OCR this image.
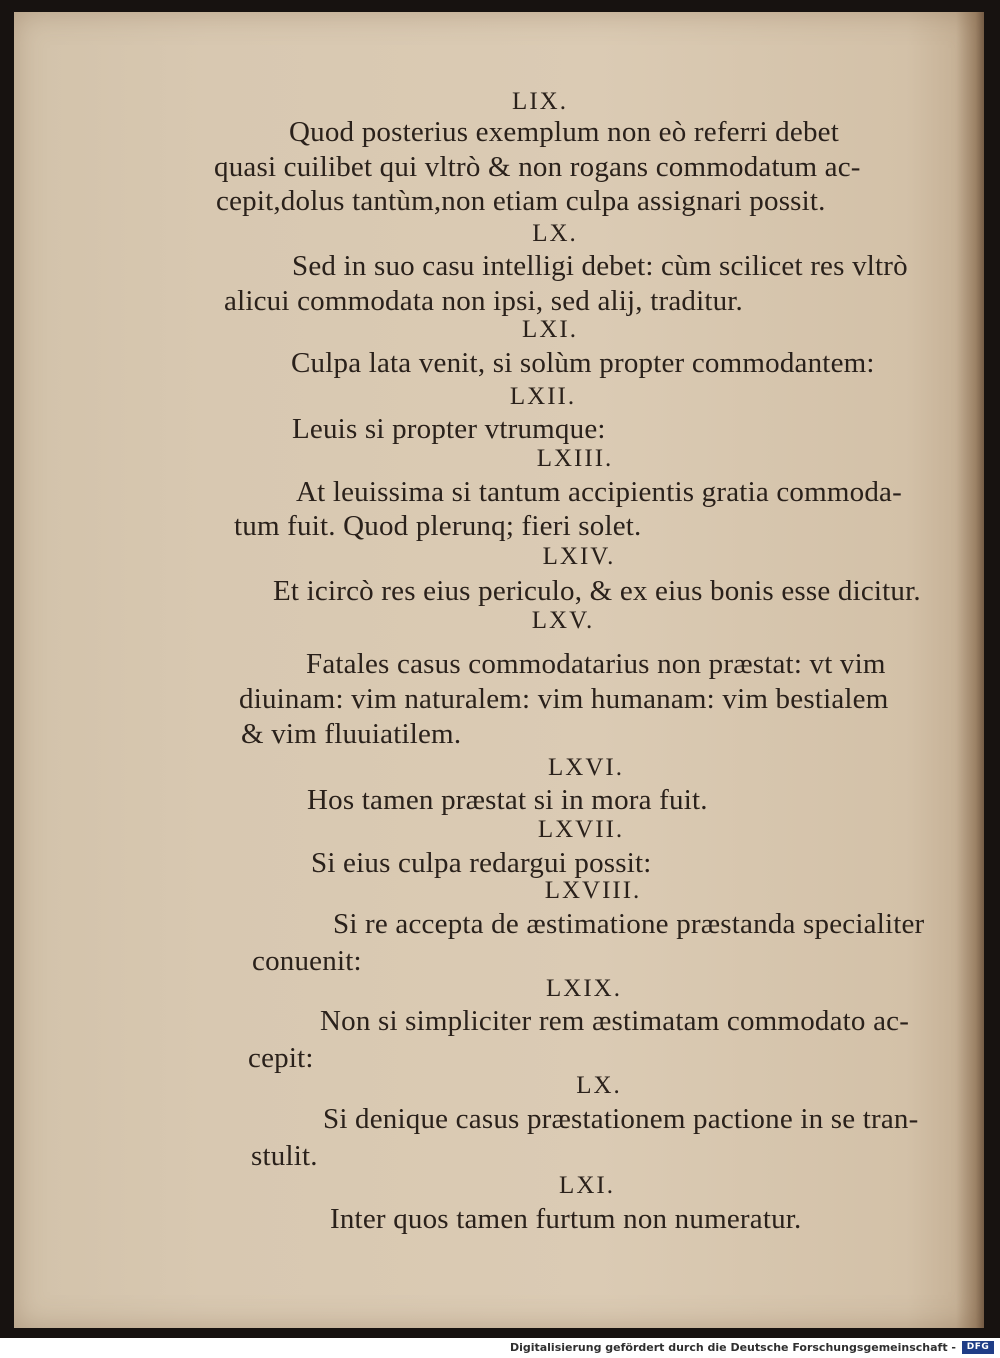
LIX.
Quod posterius exemplum non eò referri debet
quasi cuilibet qui vltrò & non rogans commodatum ac-
cepit,dolus tantùm,non etiam culpa assignari possit.
LX.
Sed in suo casu intelligi debet: cùm scilicet res vltrò
alicui commodata non ipsi, sed alij, traditur.
LXI.
Culpa lata venit, si solùm propter commodantem:
LXII.
Leuis si propter vtrumque:
LXIII.
At leuissima si tantum accipientis gratia commoda-
tum fuit. Quod plerunq; fieri solet.
LXIV.
Et icircò res eius periculo, & ex eius bonis esse dicitur.
LXV.
Fatales casus commodatarius non præstat: vt vim
diuinam: vim naturalem: vim humanam: vim bestialem
& vim fluuiatilem.
LXVI.
Hos tamen præstat si in mora fuit.
LXVII.
Si eius culpa redargui possit:
LXVIII.
Si re accepta de æstimatione præstanda specialiter
conuenit:
LXIX.
Non si simpliciter rem æstimatam commodato ac-
cepit:
LX.
Si denique casus præstationem pactione in se tran-
stulit.
LXI.
Inter quos tamen furtum non numeratur.
Digitalisierung gefördert durch die Deutsche Forschungsgemeinschaft -	DFG
